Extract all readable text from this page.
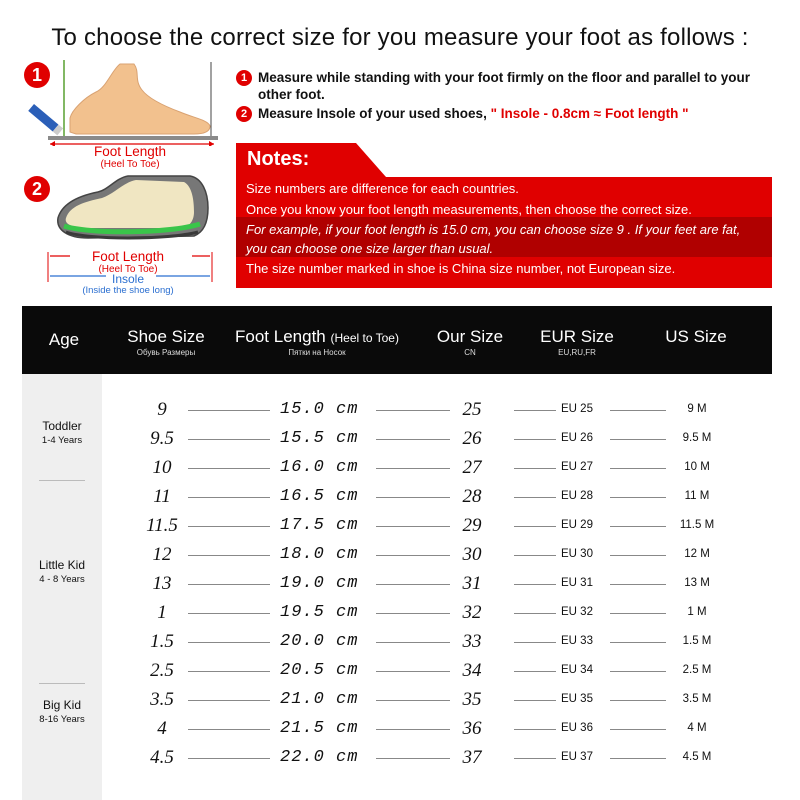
To choose the correct size for you measure your foot as follows :
1
Foot Length
(Heel To Toe)
2
Foot Length
(Heel To Toe)
Insole
(Inside the shoe long)
1 Measure while standing with your foot firmly on the floor and parallel to your other foot.
2 Measure Insole of your used shoes, " Insole - 0.8cm ≈ Foot length "
Notes:
Size numbers are difference for each countries.
Once you know your foot length measurements, then choose the correct size.
For example, if your foot length is 15.0 cm, you can choose size 9 . If your feet are fat,
you can choose one size larger than usual.
The size number marked in shoe is China size number, not European size.
Age	Shoe Size
Обувь Размеры
Foot Length (Heel to Toe)
Пятки на Носок
Our Size
CN
EUR Size
EU,RU,FR
US Size
Toddler
1-4 Years
Little Kid
4 - 8 Years
Big Kid
8-16 Years
9	15.0 cm	25	EU 25	9 M
9.5	15.5 cm	26	EU 26	9.5 M
10	16.0 cm	27	EU 27	10 M
11	16.5 cm	28	EU 28	11 M
11.5	17.5 cm	29	EU 29	11.5 M
12	18.0 cm	30	EU 30	12 M
13	19.0 cm	31	EU 31	13 M
1	19.5 cm	32	EU 32	1 M
1.5	20.0 cm	33	EU 33	1.5 M
2.5	20.5 cm	34	EU 34	2.5 M
3.5	21.0 cm	35	EU 35	3.5 M
4	21.5 cm	36	EU 36	4 M
4.5	22.0 cm	37	EU 37	4.5 M
